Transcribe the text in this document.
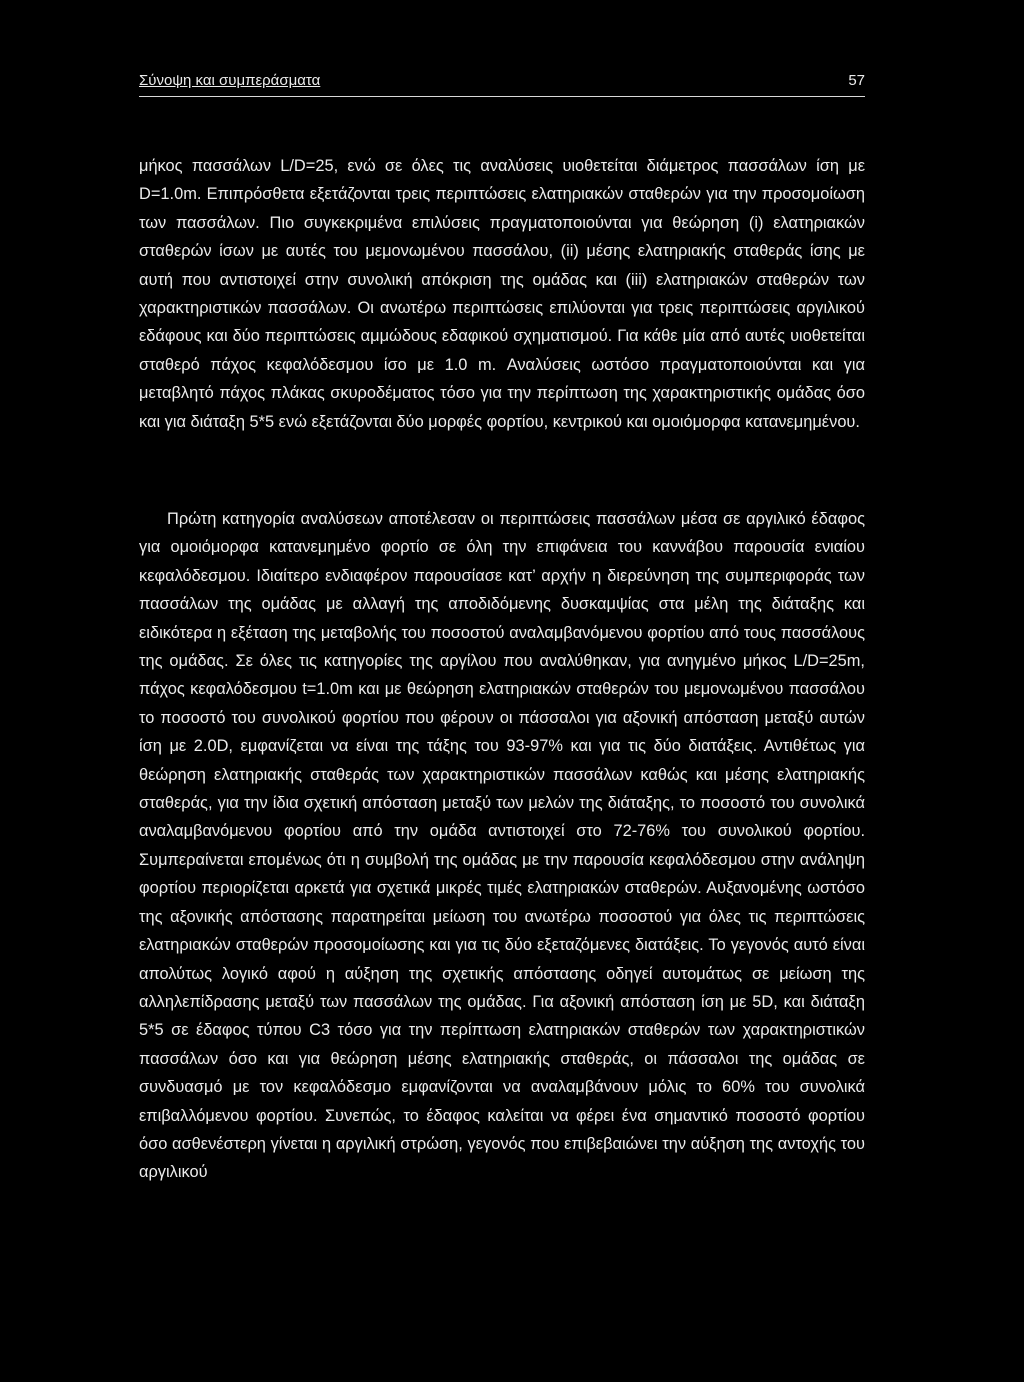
Σύνοψη και συμπεράσματα	57

μήκος πασσάλων L/D=25, ενώ σε όλες τις αναλύσεις υιοθετείται διάμετρος πασσάλων ίση με D=1.0m. Επιπρόσθετα εξετάζονται τρεις περιπτώσεις ελατηριακών σταθερών για την προσομοίωση των πασσάλων. Πιο συγκεκριμένα επιλύσεις πραγματοποιούνται για θεώρηση (i) ελατηριακών σταθερών ίσων με αυτές του μεμονωμένου πασσάλου, (ii) μέσης ελατηριακής σταθεράς ίσης με αυτή που αντιστοιχεί στην συνολική απόκριση της ομάδας και (iii) ελατηριακών σταθερών των χαρακτηριστικών πασσάλων. Οι ανωτέρω περιπτώσεις επιλύονται για τρεις περιπτώσεις αργιλικού εδάφους και δύο περιπτώσεις αμμώδους εδαφικού σχηματισμού. Για κάθε μία από αυτές υιοθετείται σταθερό πάχος κεφαλόδεσμου ίσο με 1.0 m. Αναλύσεις ωστόσο πραγματοποιούνται και για μεταβλητό πάχος πλάκας σκυροδέματος τόσο για την περίπτωση της χαρακτηριστικής ομάδας όσο και για διάταξη 5*5 ενώ εξετάζονται δύο μορφές φορτίου, κεντρικού και ομοιόμορφα κατανεμημένου.

Πρώτη κατηγορία αναλύσεων αποτέλεσαν οι περιπτώσεις πασσάλων μέσα σε αργιλικό έδαφος για ομοιόμορφα κατανεμημένο φορτίο σε όλη την επιφάνεια του καννάβου παρουσία ενιαίου κεφαλόδεσμου. Ιδιαίτερο ενδιαφέρον παρουσίασε κατ’ αρχήν η διερεύνηση της συμπεριφοράς των πασσάλων της ομάδας με αλλαγή της αποδιδόμενης δυσκαμψίας στα μέλη της διάταξης και ειδικότερα η εξέταση της μεταβολής του ποσοστού αναλαμβανόμενου φορτίου από τους πασσάλους της ομάδας. Σε όλες τις κατηγορίες της αργίλου που αναλύθηκαν, για ανηγμένο μήκος L/D=25m, πάχος κεφαλόδεσμου t=1.0m και με θεώρηση ελατηριακών σταθερών του μεμονωμένου πασσάλου το ποσοστό του συνολικού φορτίου που φέρουν οι πάσσαλοι για αξονική απόσταση μεταξύ αυτών ίση με 2.0D, εμφανίζεται να είναι της τάξης του 93-97% και για τις δύο διατάξεις. Αντιθέτως για θεώρηση ελατηριακής σταθεράς των χαρακτηριστικών πασσάλων καθώς και μέσης ελατηριακής σταθεράς, για την ίδια σχετική απόσταση μεταξύ των μελών της διάταξης, το ποσοστό του συνολικά αναλαμβανόμενου φορτίου από την ομάδα αντιστοιχεί στο 72-76% του συνολικού φορτίου. Συμπεραίνεται επομένως ότι η συμβολή της ομάδας με την παρουσία κεφαλόδεσμου στην ανάληψη φορτίου περιορίζεται αρκετά για σχετικά μικρές τιμές ελατηριακών σταθερών. Αυξανομένης ωστόσο της αξονικής απόστασης παρατηρείται μείωση του ανωτέρω ποσοστού για όλες τις περιπτώσεις ελατηριακών σταθερών προσομοίωσης και για τις δύο εξεταζόμενες διατάξεις. Το γεγονός αυτό είναι απολύτως λογικό αφού η αύξηση της σχετικής απόστασης οδηγεί αυτομάτως σε μείωση της αλληλεπίδρασης μεταξύ των πασσάλων της ομάδας. Για αξονική απόσταση ίση με 5D, και διάταξη 5*5 σε έδαφος τύπου C3 τόσο για την περίπτωση ελατηριακών σταθερών των χαρακτηριστικών πασσάλων όσο και για θεώρηση μέσης ελατηριακής σταθεράς, οι πάσσαλοι της ομάδας σε συνδυασμό με τον κεφαλόδεσμο εμφανίζονται να αναλαμβάνουν μόλις το 60% του συνολικά επιβαλλόμενου φορτίου. Συνεπώς, το έδαφος καλείται να φέρει ένα σημαντικό ποσοστό φορτίου όσο ασθενέστερη γίνεται η αργιλική στρώση, γεγονός που επιβεβαιώνει την αύξηση της αντοχής του αργιλικού
